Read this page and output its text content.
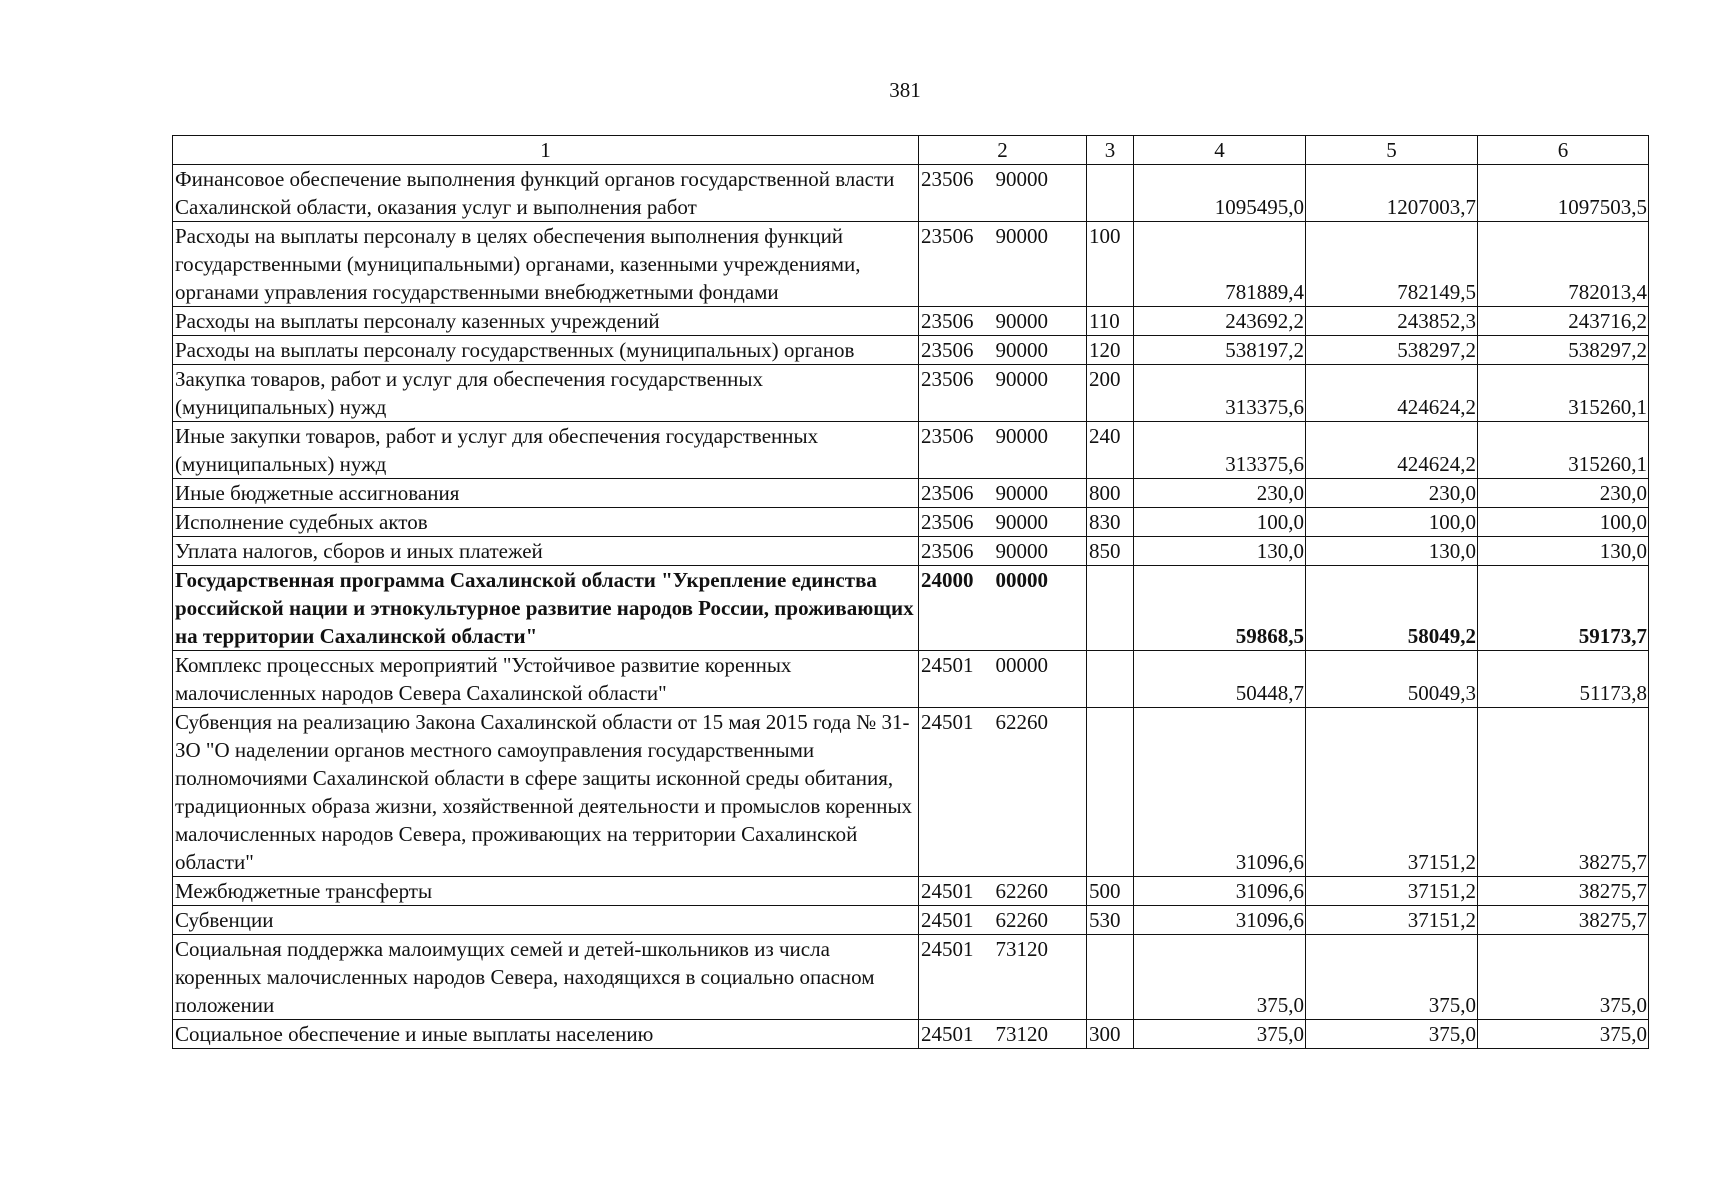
381
1	2	3	4	5	6
Финансовое обеспечение выполнения функций органов государственной власти Сахалинской области, оказания услуг и выполнения работ	23506 90000		1095495,0	1207003,7	1097503,5
Расходы на выплаты персоналу в целях обеспечения выполнения функций государственными (муниципальными) органами, казенными учреждениями, органами управления государственными внебюджетными фондами	23506 90000	100	781889,4	782149,5	782013,4
Расходы на выплаты персоналу казенных учреждений	23506 90000	110	243692,2	243852,3	243716,2
Расходы на выплаты персоналу государственных (муниципальных) органов	23506 90000	120	538197,2	538297,2	538297,2
Закупка товаров, работ и услуг для обеспечения государственных (муниципальных) нужд	23506 90000	200	313375,6	424624,2	315260,1
Иные закупки товаров, работ и услуг для обеспечения государственных (муниципальных) нужд	23506 90000	240	313375,6	424624,2	315260,1
Иные бюджетные ассигнования	23506 90000	800	230,0	230,0	230,0
Исполнение судебных актов	23506 90000	830	100,0	100,0	100,0
Уплата налогов, сборов и иных платежей	23506 90000	850	130,0	130,0	130,0
Государственная программа Сахалинской области "Укрепление единства российской нации и этнокультурное развитие народов России, проживающих на территории Сахалинской области"	24000 00000		59868,5	58049,2	59173,7
Комплекс процессных мероприятий "Устойчивое развитие коренных малочисленных народов Севера Сахалинской области"	24501 00000		50448,7	50049,3	51173,8
Субвенция на реализацию Закона Сахалинской области от 15 мая 2015 года № 31-ЗО "О наделении органов местного самоуправления государственными полномочиями Сахалинской области в сфере защиты исконной среды обитания, традиционных образа жизни, хозяйственной деятельности и промыслов коренных малочисленных народов Севера, проживающих на территории Сахалинской области"	24501 62260		31096,6	37151,2	38275,7
Межбюджетные трансферты	24501 62260	500	31096,6	37151,2	38275,7
Субвенции	24501 62260	530	31096,6	37151,2	38275,7
Социальная поддержка малоимущих семей и детей-школьников из числа коренных малочисленных народов Севера, находящихся в социально опасном положении	24501 73120		375,0	375,0	375,0
Социальное обеспечение и иные выплаты населению	24501 73120	300	375,0	375,0	375,0
